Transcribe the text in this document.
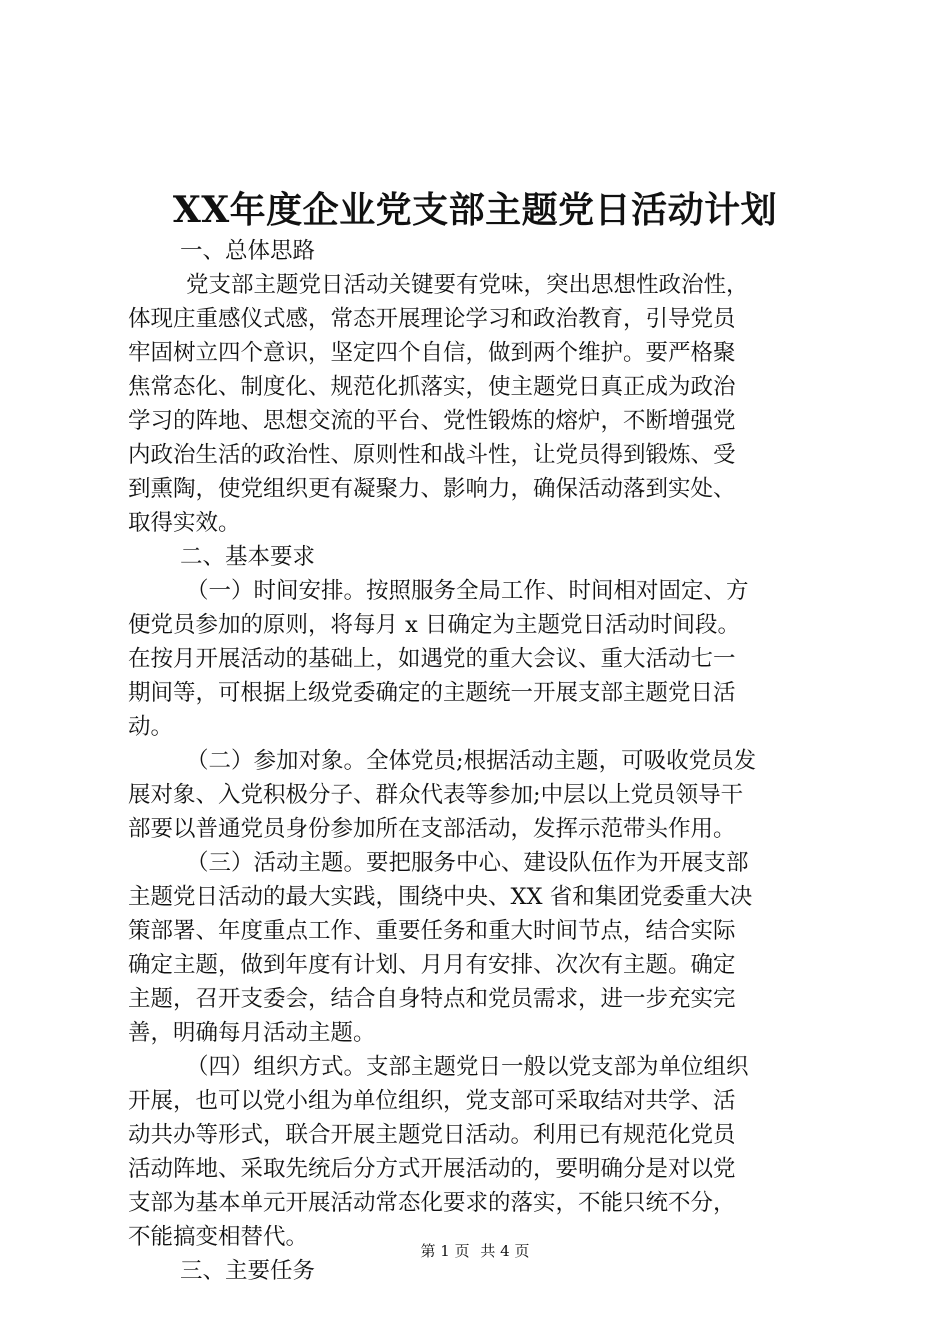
XX年度企业党支部主题党日活动计划
一、总体思路
党支部主题党日活动关键要有党味，突出思想性政治性，
体现庄重感仪式感，常态开展理论学习和政治教育，引导党员
牢固树立四个意识，坚定四个自信，做到两个维护。要严格聚
焦常态化、制度化、规范化抓落实，使主题党日真正成为政治
学习的阵地、思想交流的平台、党性锻炼的熔炉，不断增强党
内政治生活的政治性、原则性和战斗性，让党员得到锻炼、受
到熏陶，使党组织更有凝聚力、影响力，确保活动落到实处、
取得实效。
二、基本要求
（一）时间安排。按照服务全局工作、时间相对固定、方
便党员参加的原则，将每月 x 日确定为主题党日活动时间段。
在按月开展活动的基础上，如遇党的重大会议、重大活动七一
期间等，可根据上级党委确定的主题统一开展支部主题党日活
动。
（二）参加对象。全体党员;根据活动主题，可吸收党员发
展对象、入党积极分子、群众代表等参加;中层以上党员领导干
部要以普通党员身份参加所在支部活动，发挥示范带头作用。
（三）活动主题。要把服务中心、建设队伍作为开展支部
主题党日活动的最大实践，围绕中央、XX 省和集团党委重大决
策部署、年度重点工作、重要任务和重大时间节点，结合实际
确定主题，做到年度有计划、月月有安排、次次有主题。确定
主题，召开支委会，结合自身特点和党员需求，进一步充实完
善，明确每月活动主题。
（四）组织方式。支部主题党日一般以党支部为单位组织
开展，也可以党小组为单位组织，党支部可采取结对共学、活
动共办等形式，联合开展主题党日活动。利用已有规范化党员
活动阵地、采取先统后分方式开展活动的，要明确分是对以党
支部为基本单元开展活动常态化要求的落实，不能只统不分，
不能搞变相替代。
三、主要任务
第 1 页 共 4 页
